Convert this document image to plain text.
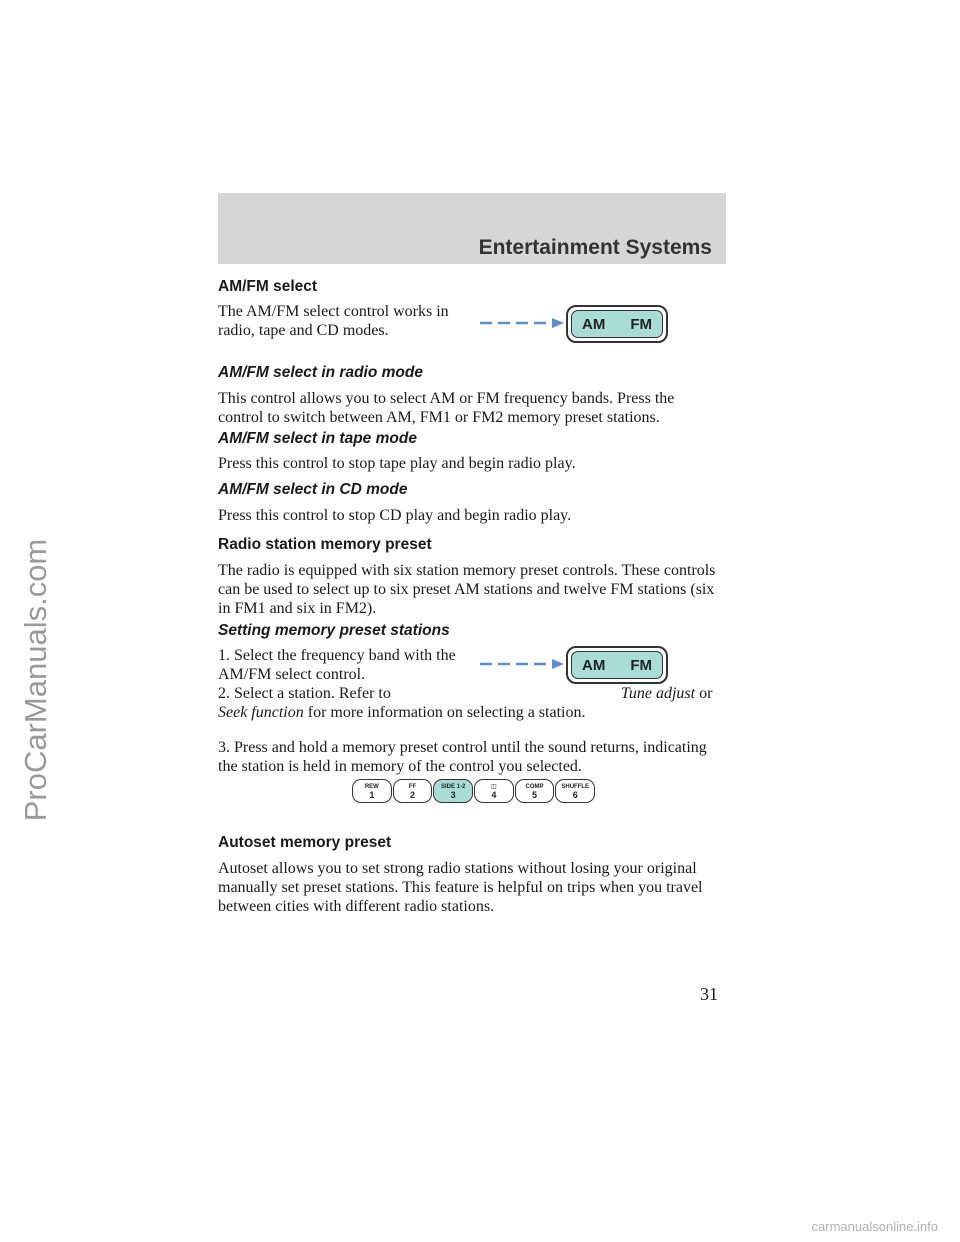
ProCarManuals.com
Entertainment Systems
AM/FM select

The AM/FM select control works in radio, tape and CD modes.	AM FM
AM/FM select in radio mode

This control allows you to select AM or FM frequency bands. Press the control to switch between AM, FM1 or FM2 memory preset stations.

AM/FM select in tape mode

Press this control to stop tape play and begin radio play.

AM/FM select in CD mode

Press this control to stop CD play and begin radio play.

Radio station memory preset

The radio is equipped with six station memory preset controls. These controls can be used to select up to six preset AM stations and twelve FM stations (six in FM1 and six in FM2).

Setting memory preset stations

1. Select the frequency band with the AM/FM select control.

AM FM

2. Select a station. Refer to	Tune adjust or Seek function for more information on selecting a station.

3. Press and hold a memory preset control until the sound returns, indicating the station is held in memory of the control you selected.

REW
1
FF
2
SIDE 1-2
3
◫
4
COMP
5
SHUFFLE
6
Autoset memory preset

Autoset allows you to set strong radio stations without losing your original manually set preset stations. This feature is helpful on trips when you travel between cities with different radio stations.

31
carmanualsonline.info
